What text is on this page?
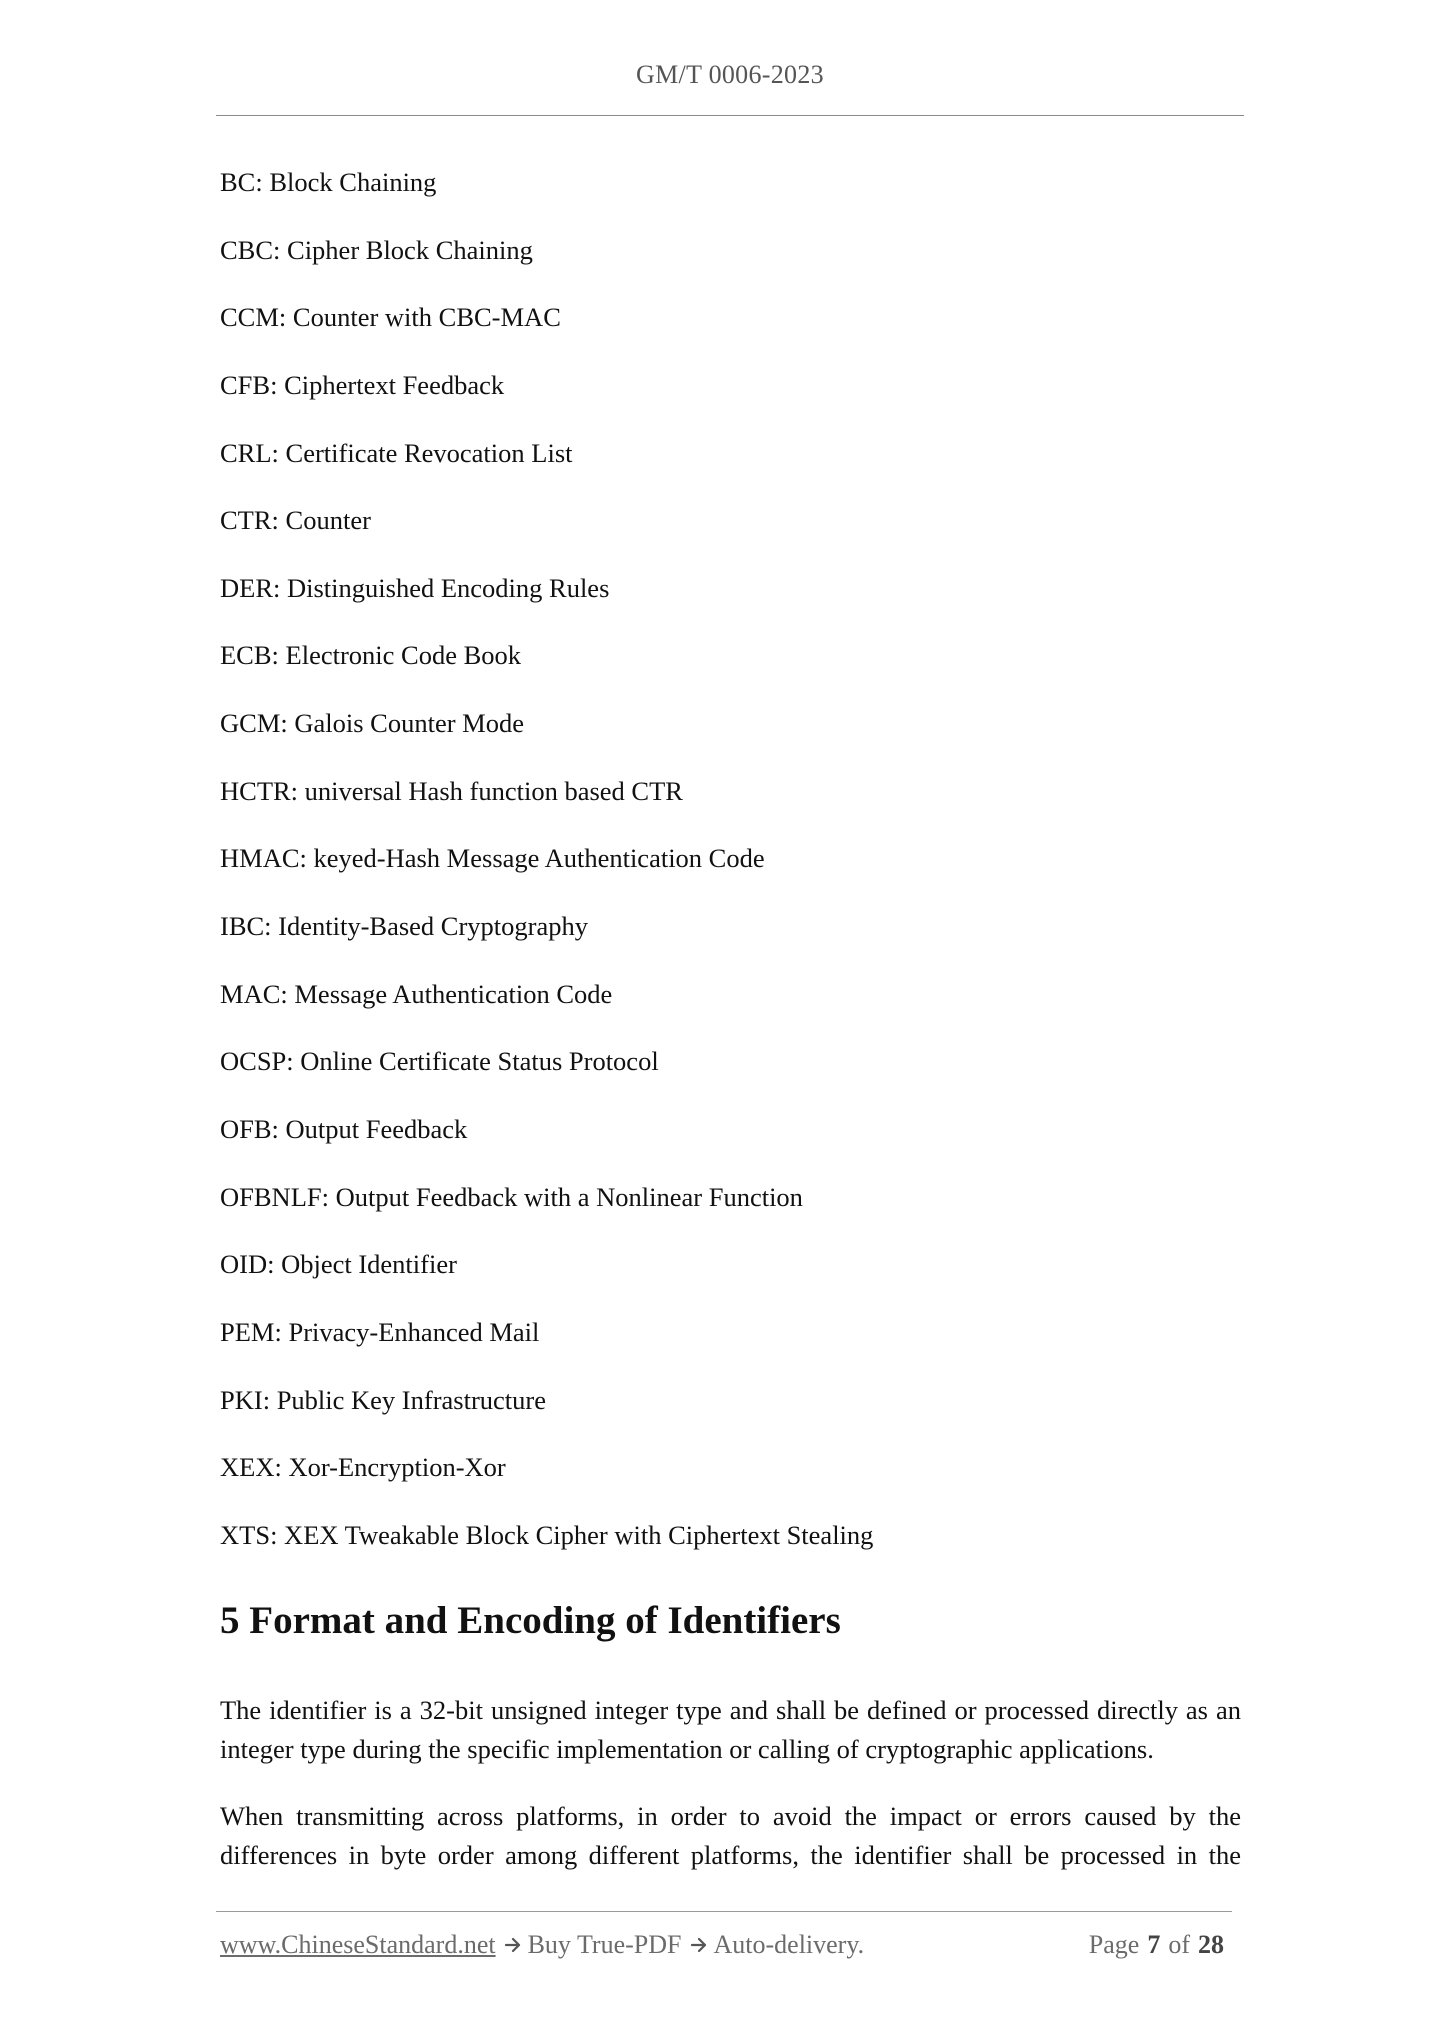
GM/T 0006-2023
BC: Block Chaining
CBC: Cipher Block Chaining
CCM: Counter with CBC-MAC
CFB: Ciphertext Feedback
CRL: Certificate Revocation List
CTR: Counter
DER: Distinguished Encoding Rules
ECB: Electronic Code Book
GCM: Galois Counter Mode
HCTR: universal Hash function based CTR
HMAC: keyed-Hash Message Authentication Code
IBC: Identity-Based Cryptography
MAC: Message Authentication Code
OCSP: Online Certificate Status Protocol
OFB: Output Feedback
OFBNLF: Output Feedback with a Nonlinear Function
OID: Object Identifier
PEM: Privacy-Enhanced Mail
PKI: Public Key Infrastructure
XEX: Xor-Encryption-Xor
XTS: XEX Tweakable Block Cipher with Ciphertext Stealing
5 Format and Encoding of Identifiers

The identifier is a 32-bit unsigned integer type and shall be defined or processed directly as an integer type during the specific implementation or calling of cryptographic applications.

When transmitting across platforms, in order to avoid the impact or errors caused by the differences in byte order among different platforms, the identifier shall be processed in the

www.ChineseStandard.net Buy True-PDF Auto-delivery.	Page 7 of 28
